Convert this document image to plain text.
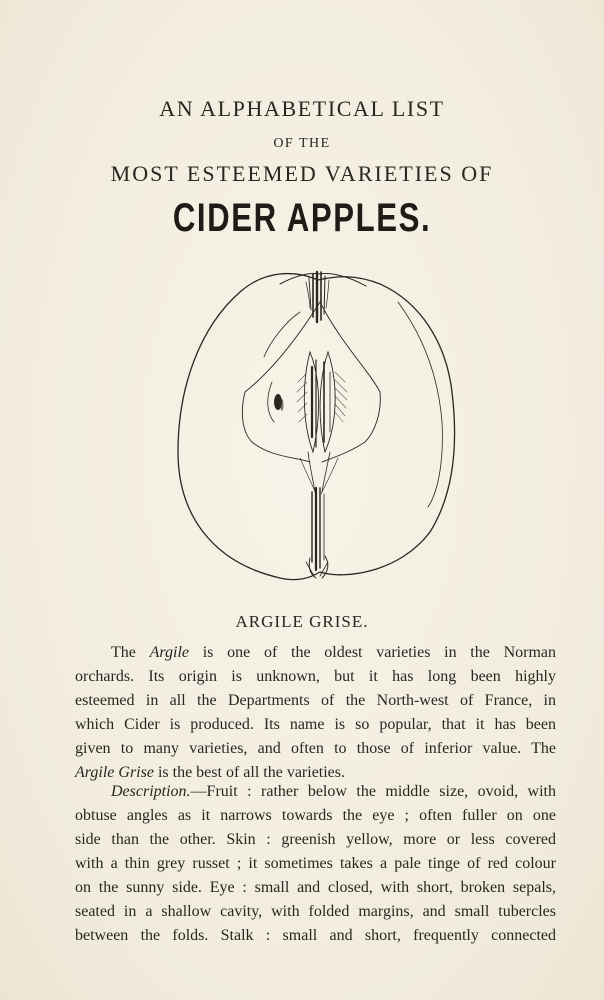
AN ALPHABETICAL LIST
OF THE
MOST ESTEEMED VARIETIES OF
CIDER APPLES.
ARGILE GRISE.
The Argile is one of the oldest varieties in the Norman
orchards. Its origin is unknown, but it has long been highly
esteemed in all the Departments of the North-west of France, in
which Cider is produced. Its name is so popular, that it has been
given to many varieties, and often to those of inferior value. The
Argile Grise is the best of all the varieties.
Description.—Fruit : rather below the middle size, ovoid, with
obtuse angles as it narrows towards the eye ; often fuller on one
side than the other. Skin : greenish yellow, more or less covered
with a thin grey russet ; it sometimes takes a pale tinge of red colour
on the sunny side. Eye : small and closed, with short, broken sepals,
seated in a shallow cavity, with folded margins, and small tubercles
between the folds. Stalk : small and short, frequently connected
